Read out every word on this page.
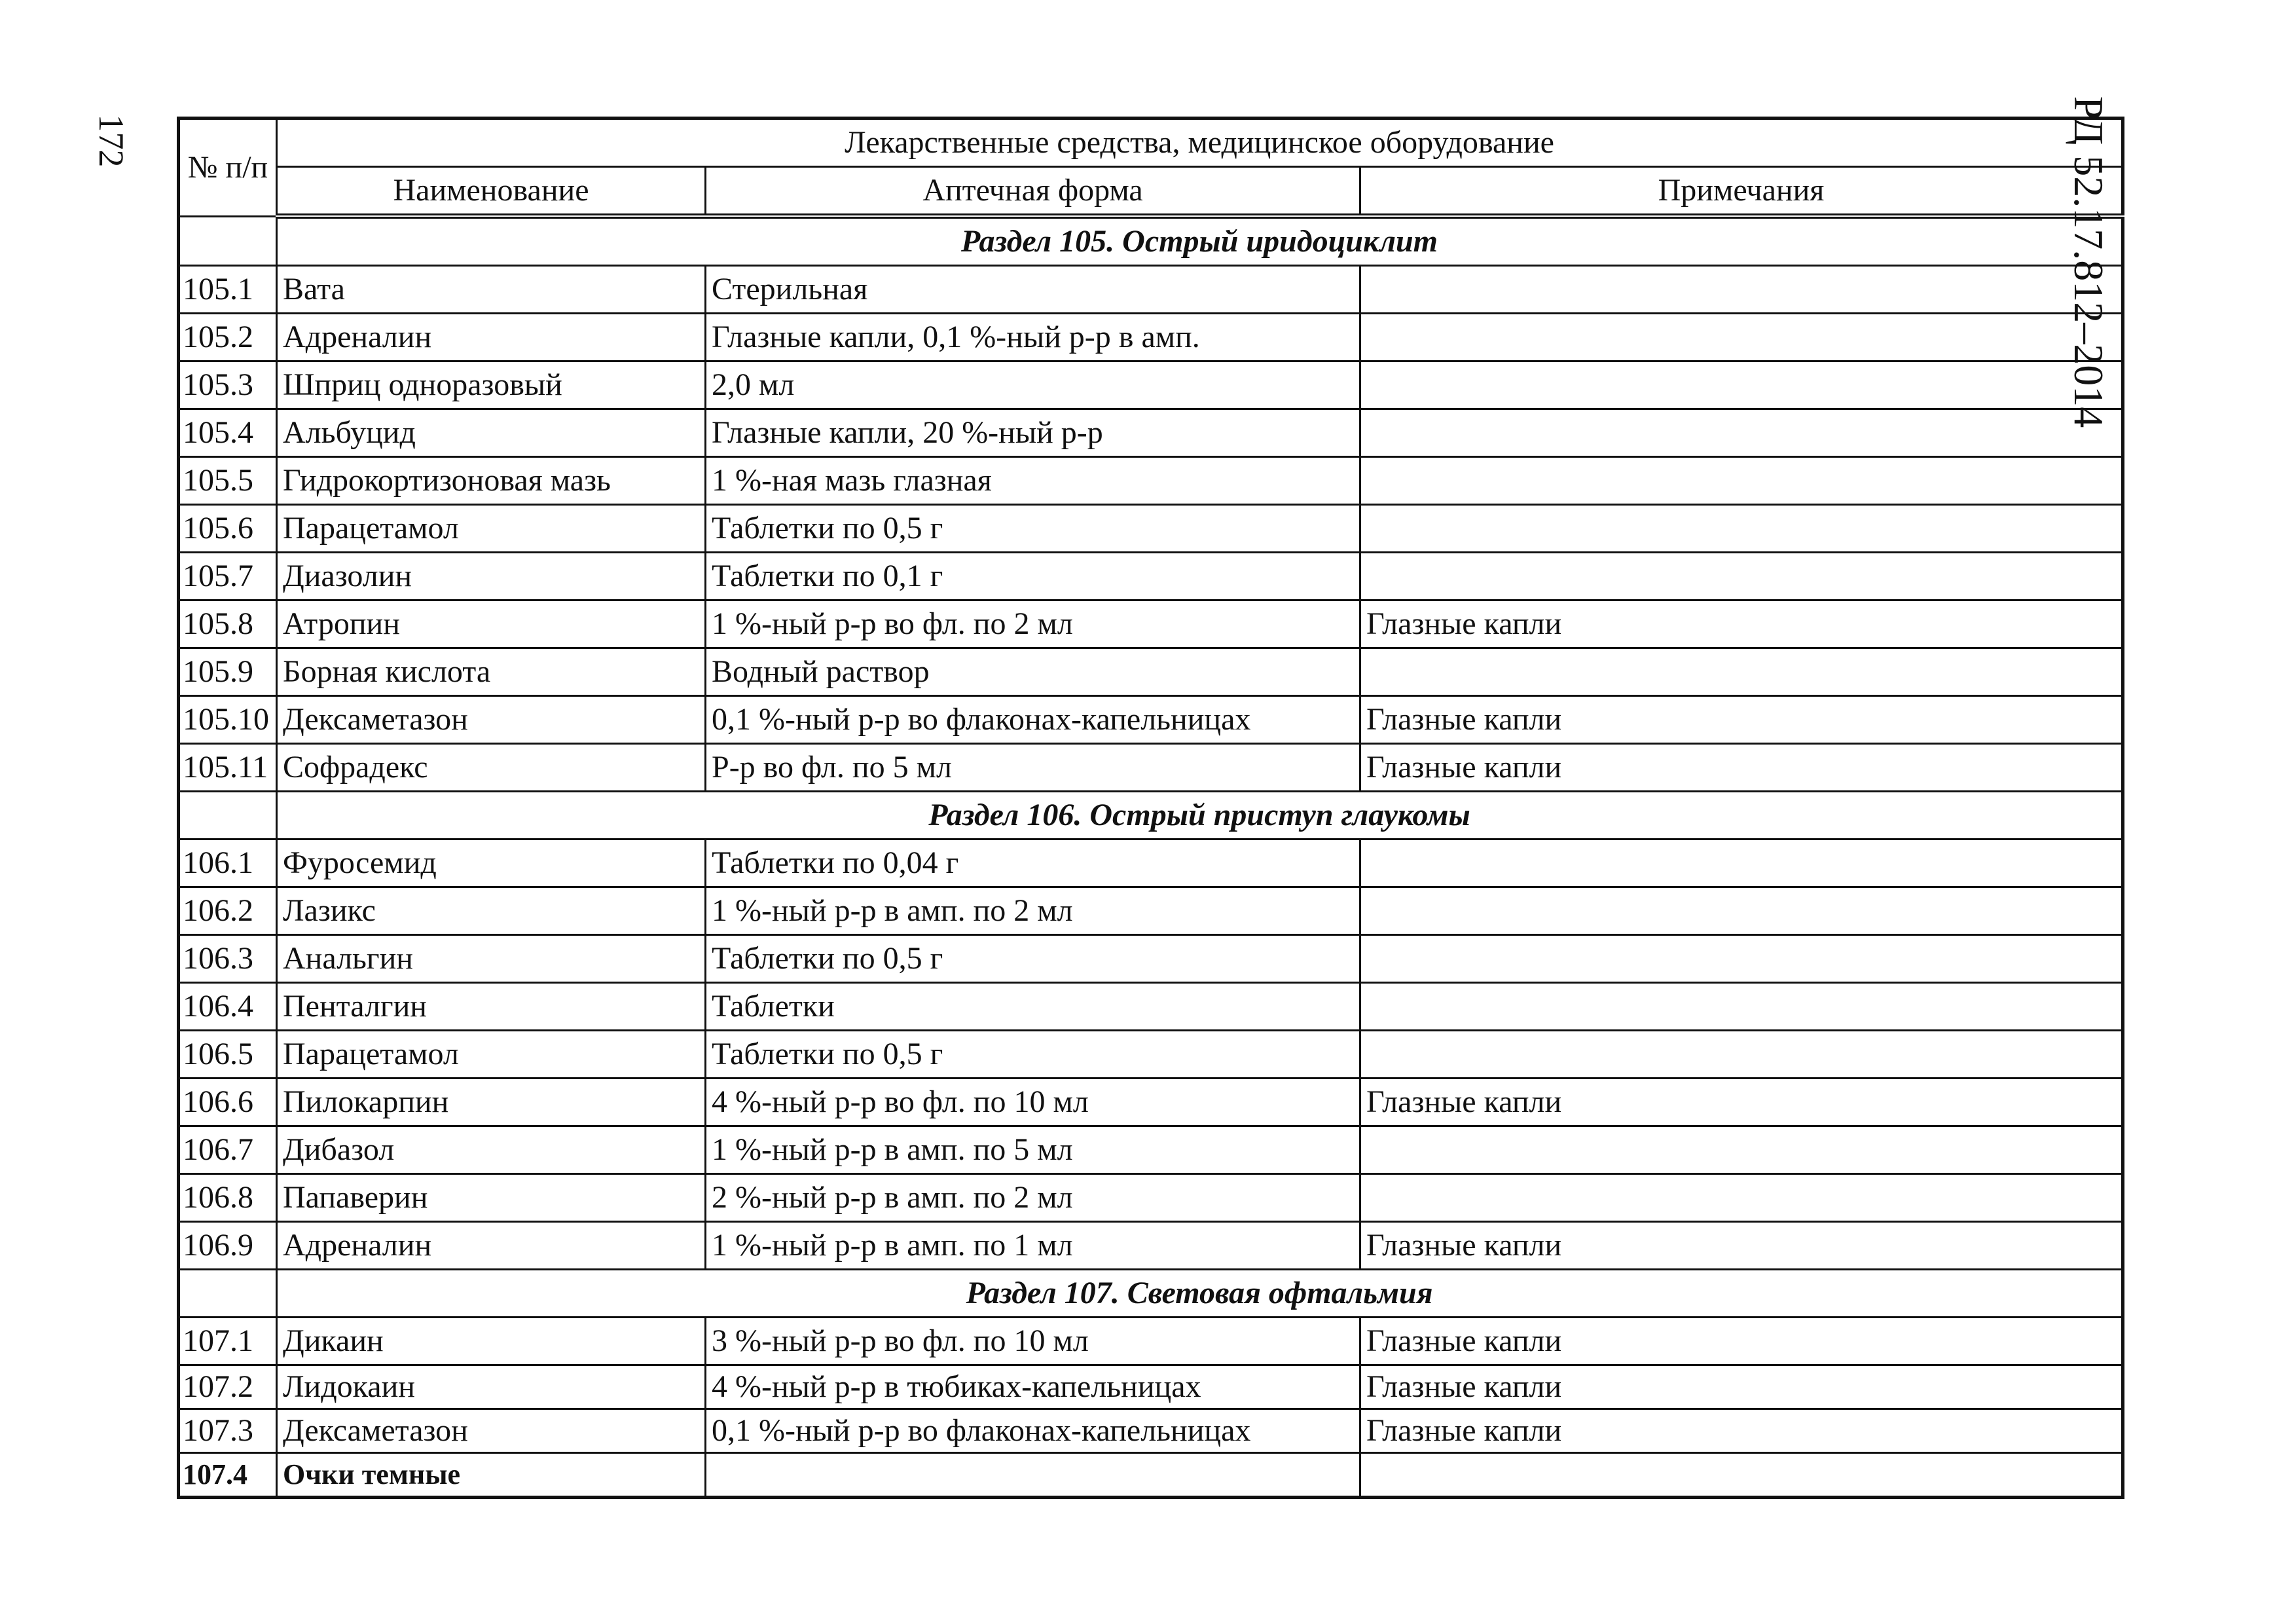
172	РД 52.17.812–2014
№ п/п	Лекарственные средства, медицинское оборудование		
	Наименование	Аптечная форма	Примечания
	Раздел 105. Острый иридоциклит		
105.1	Вата	Стерильная	
105.2	Адреналин	Глазные капли, 0,1 %-ный р-р в амп.	
105.3	Шприц одноразовый	2,0 мл	
105.4	Альбуцид	Глазные капли, 20 %-ный р-р	
105.5	Гидрокортизоновая мазь	1 %-ная мазь глазная	
105.6	Парацетамол	Таблетки по 0,5 г	
105.7	Диазолин	Таблетки по 0,1 г	
105.8	Атропин	1 %-ный р-р во фл. по 2 мл	Глазные капли
105.9	Борная кислота	Водный раствор	
105.10	Дексаметазон	0,1 %-ный р-р во флаконах-капельницах	Глазные капли
105.11	Софрадекс	Р-р во фл. по 5 мл	Глазные капли
	Раздел 106. Острый приступ глаукомы		
106.1	Фуросемид	Таблетки по 0,04 г	
106.2	Лазикс	1 %-ный р-р в амп. по 2 мл	
106.3	Анальгин	Таблетки по 0,5 г	
106.4	Пенталгин	Таблетки	
106.5	Парацетамол	Таблетки по 0,5 г	
106.6	Пилокарпин	4 %-ный р-р во фл. по 10 мл	Глазные капли
106.7	Дибазол	1 %-ный р-р в амп. по 5 мл	
106.8	Папаверин	2 %-ный р-р в амп. по 2 мл	
106.9	Адреналин	1 %-ный р-р в амп. по 1 мл	Глазные капли
	Раздел 107. Световая офтальмия		
107.1	Дикаин	3 %-ный р-р во фл. по 10 мл	Глазные капли
107.2	Лидокаин	4 %-ный р-р в тюбиках-капельницах	Глазные капли
107.3	Дексаметазон	0,1 %-ный р-р во флаконах-капельницах	Глазные капли
107.4	Очки темные		
